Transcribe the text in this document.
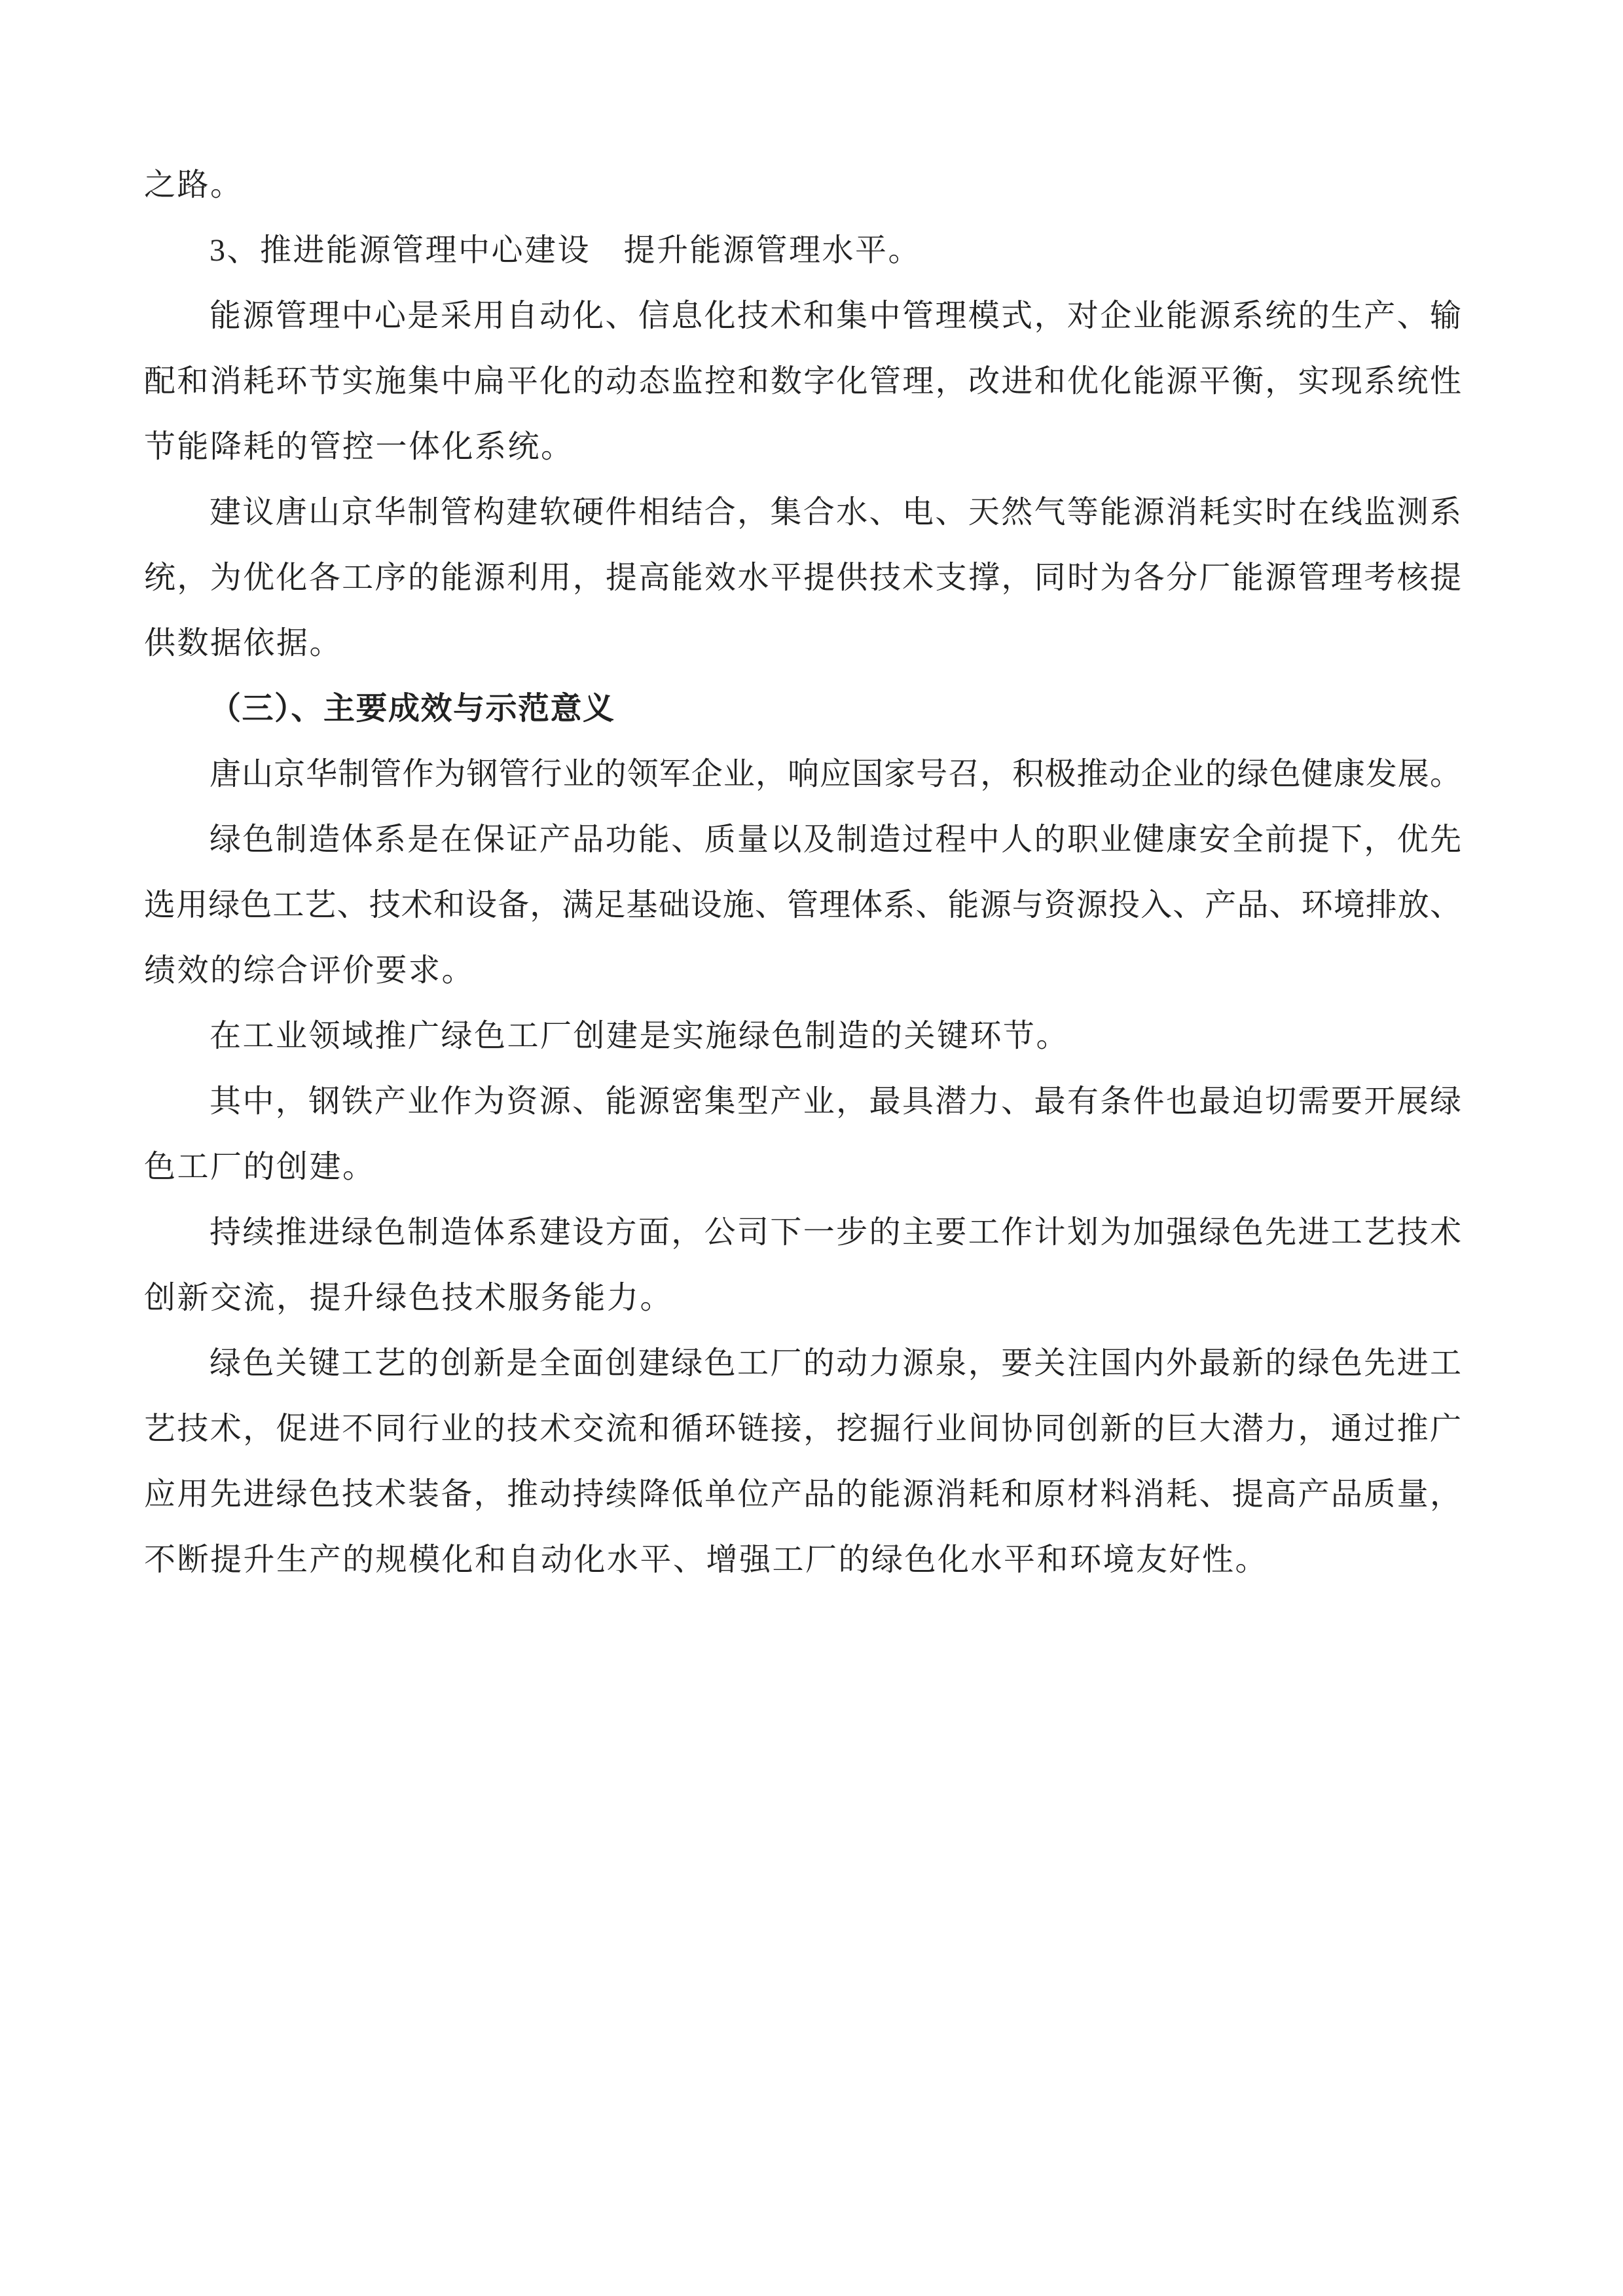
之路。
3、推进能源管理中心建设　提升能源管理水平。
能源管理中心是采用自动化、信息化技术和集中管理模式，对企业能源系统的生产、输
配和消耗环节实施集中扁平化的动态监控和数字化管理，改进和优化能源平衡，实现系统性
节能降耗的管控一体化系统。
建议唐山京华制管构建软硬件相结合，集合水、电、天然气等能源消耗实时在线监测系
统，为优化各工序的能源利用，提高能效水平提供技术支撑，同时为各分厂能源管理考核提
供数据依据。
（三）、主要成效与示范意义
唐山京华制管作为钢管行业的领军企业，响应国家号召，积极推动企业的绿色健康发展。
绿色制造体系是在保证产品功能、质量以及制造过程中人的职业健康安全前提下，优先
选用绿色工艺、技术和设备，满足基础设施、管理体系、能源与资源投入、产品、环境排放、
绩效的综合评价要求。
在工业领域推广绿色工厂创建是实施绿色制造的关键环节。
其中，钢铁产业作为资源、能源密集型产业，最具潜力、最有条件也最迫切需要开展绿
色工厂的创建。
持续推进绿色制造体系建设方面，公司下一步的主要工作计划为加强绿色先进工艺技术
创新交流，提升绿色技术服务能力。
绿色关键工艺的创新是全面创建绿色工厂的动力源泉，要关注国内外最新的绿色先进工
艺技术，促进不同行业的技术交流和循环链接，挖掘行业间协同创新的巨大潜力，通过推广
应用先进绿色技术装备，推动持续降低单位产品的能源消耗和原材料消耗、提高产品质量，
不断提升生产的规模化和自动化水平、增强工厂的绿色化水平和环境友好性。
